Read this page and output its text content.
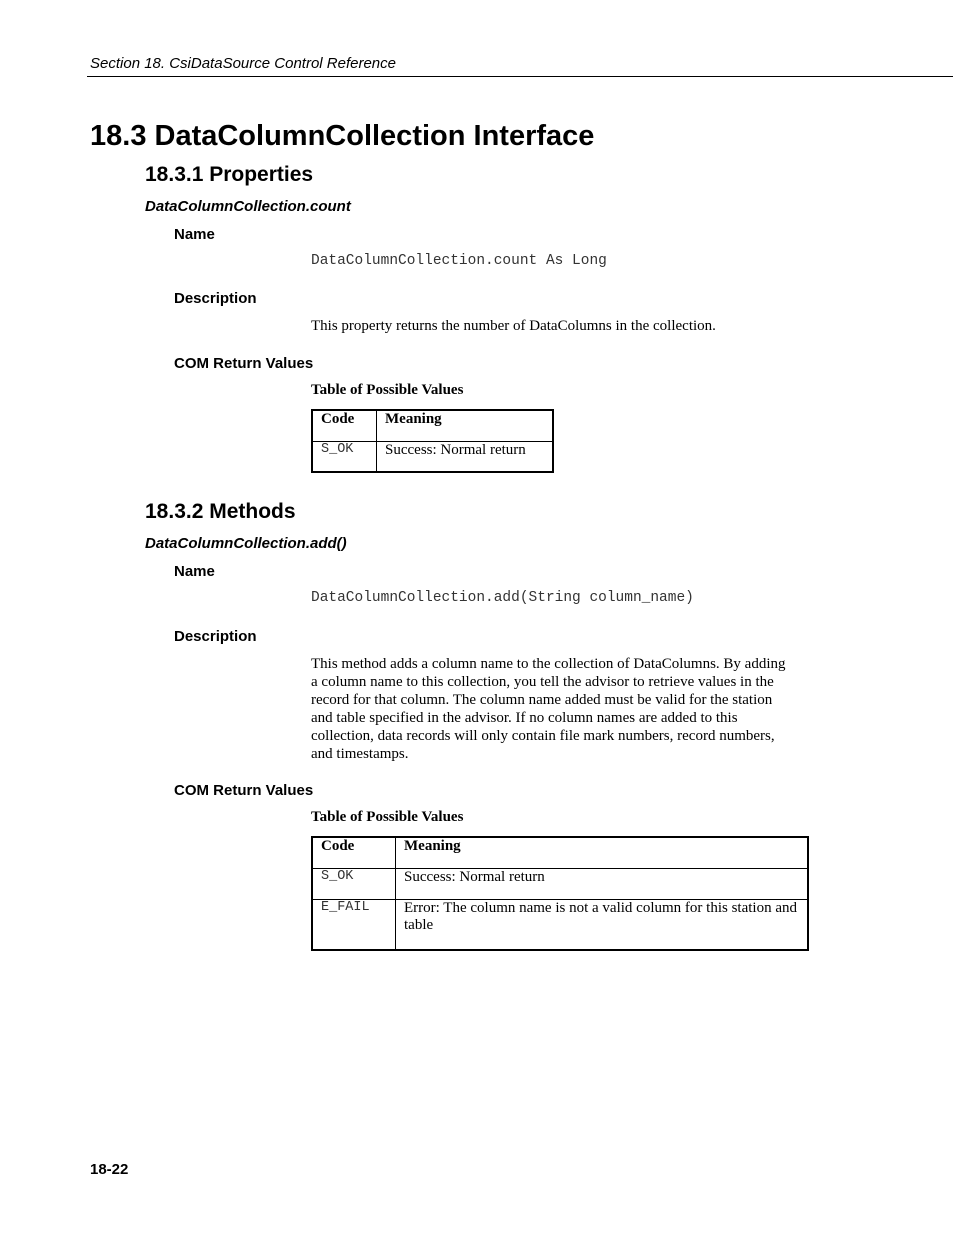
Section 18. CsiDataSource Control Reference
18.3 DataColumnCollection Interface
18.3.1 Properties
DataColumnCollection.count
Name
DataColumnCollection.count As Long
Description
This property returns the number of DataColumns in the collection.
COM Return Values
Table of Possible Values
Code	Meaning
S_OK	Success: Normal return
18.3.2 Methods
DataColumnCollection.add()
Name
DataColumnCollection.add(String column_name)
Description
This method adds a column name to the collection of DataColumns. By adding
a column name to this collection, you tell the advisor to retrieve values in the
record for that column. The column name added must be valid for the station
and table specified in the advisor. If no column names are added to this
collection, data records will only contain file mark numbers, record numbers,
and timestamps.
COM Return Values
Table of Possible Values
Code	Meaning
S_OK	Success: Normal return
E_FAIL	Error: The column name is not a valid column for this station and table
18-22
